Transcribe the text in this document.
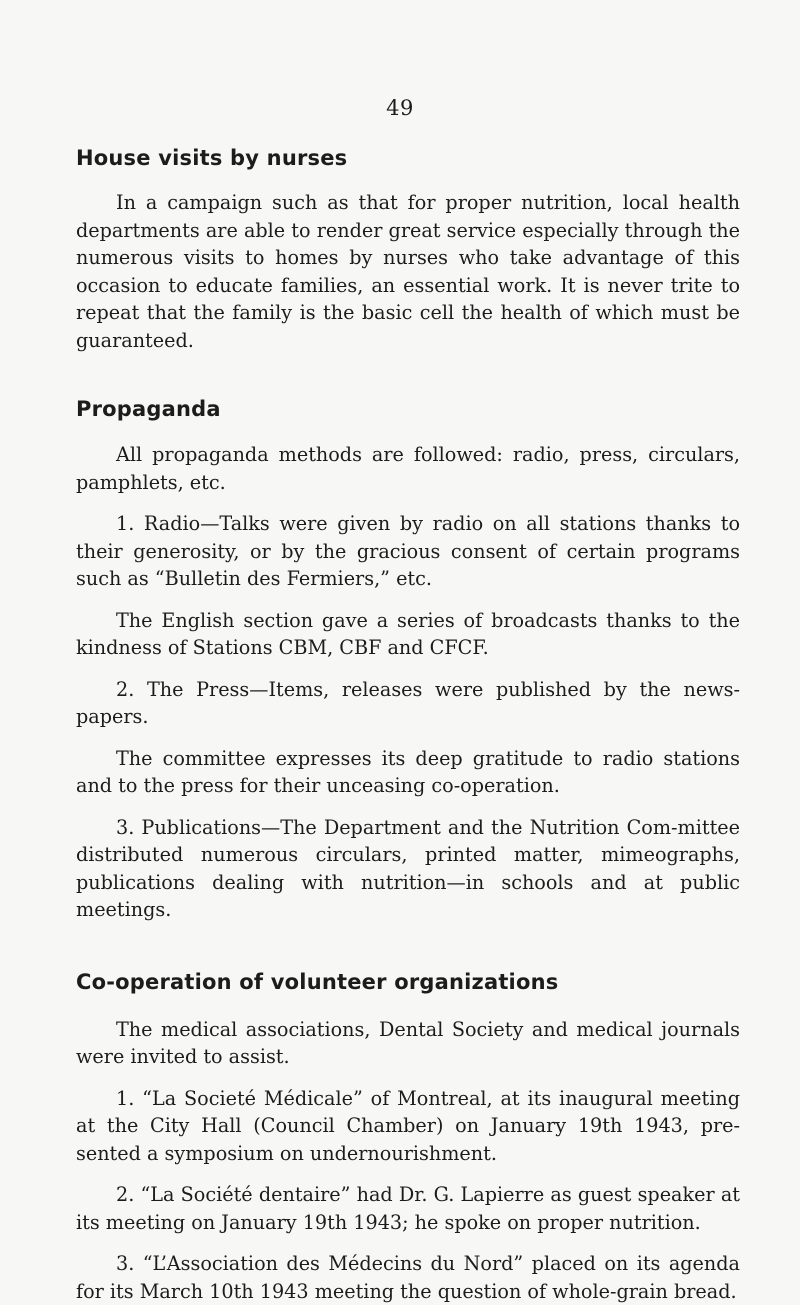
49
House visits by nurses

In a campaign such as that for proper nutrition, local health departments are able to render great service especially through the numerous visits to homes by nurses who take advantage of this occasion to educate families, an essential work. It is never trite to repeat that the family is the basic cell the health of which must be guaranteed.

Propaganda

All propaganda methods are followed: radio, press, circulars, pamphlets, etc.

1. Radio—Talks were given by radio on all stations thanks to their generosity, or by the gracious consent of certain programs such as “Bulletin des Fermiers,” etc.

The English section gave a series of broadcasts thanks to the kindness of Stations CBM, CBF and CFCF.

2. The Press—Items, releases were published by the news-papers.

The committee expresses its deep gratitude to radio stations and to the press for their unceasing co-operation.

3. Publications—The Department and the Nutrition Com-mittee distributed numerous circulars, printed matter, mimeographs, publications dealing with nutrition—in schools and at public meetings.

Co-operation of volunteer organizations

The medical associations, Dental Society and medical journals were invited to assist.

1. “La Societé Médicale” of Montreal, at its inaugural meeting at the City Hall (Council Chamber) on January 19th 1943, pre-sented a symposium on undernourishment.

2. “La Société dentaire” had Dr. G. Lapierre as guest speaker at its meeting on January 19th 1943; he spoke on proper nutrition.

3. “L’Association des Médecins du Nord” placed on its agenda for its March 10th 1943 meeting the question of whole-grain bread.
